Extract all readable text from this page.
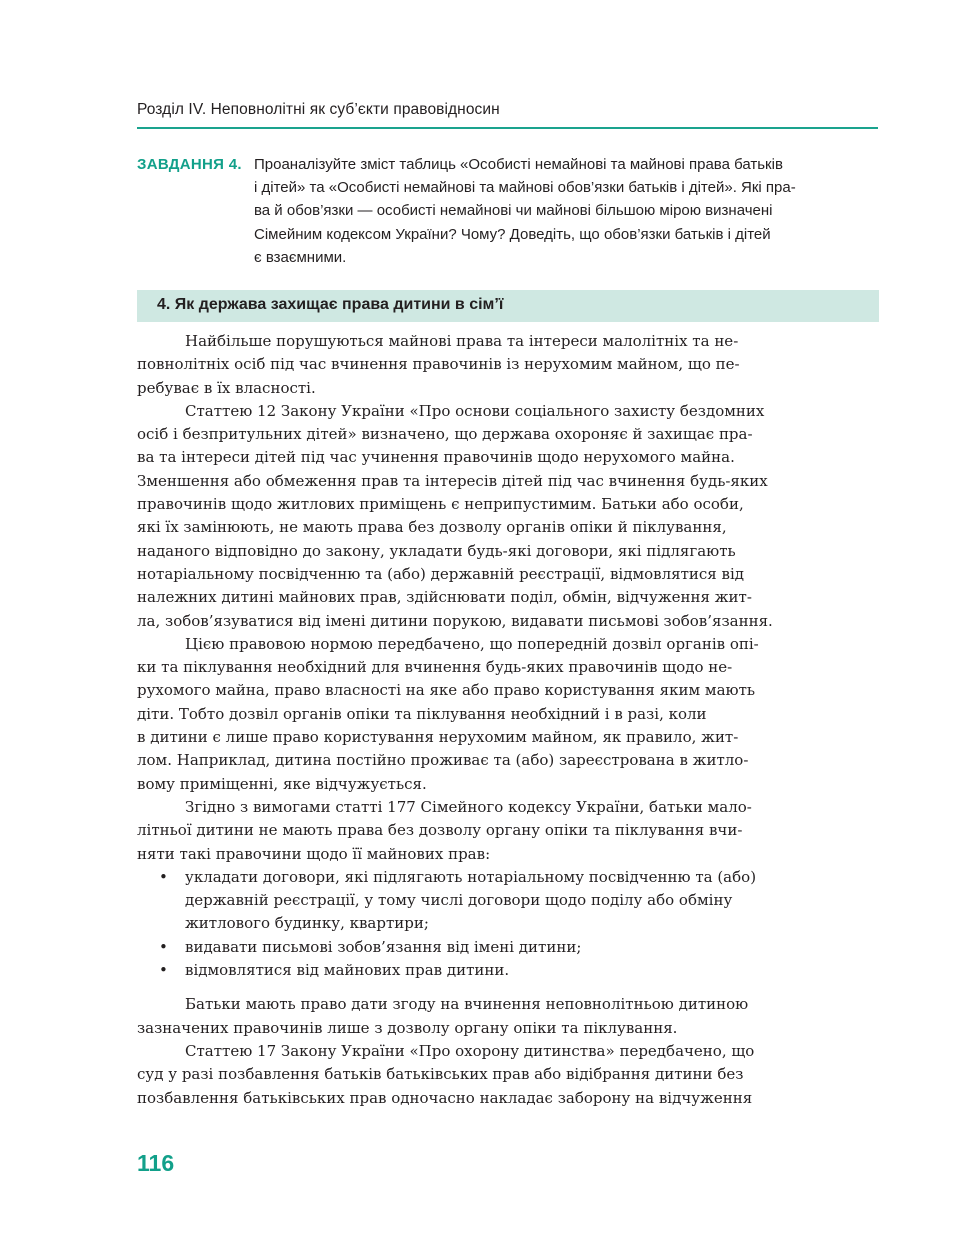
Розділ IV. Неповнолітні як суб’єкти правовідносин
ЗАВДАННЯ 4. Проаналізуйте зміст таблиць «Особисті немайнові та майнові права батьків
і дітей» та «Особисті немайнові та майнові обов’язки батьків і дітей». Які пра-
ва й обов’язки — особисті немайнові чи майнові більшою мірою визначені
Сімейним кодексом України? Чому? Доведіть, що обов’язки батьків і дітей
є взаємними.
4. Як держава захищає права дитини в сім’ї

Найбільше порушуються майнові права та інтереси малолітніх та не-
повнолітніх осіб під час вчинення правочинів із нерухомим майном, що пе-
ребуває в їх власності.

Статтею 12 Закону України «Про основи соціального захисту бездомних
осіб і безпритульних дітей» визначено, що держава охороняє й захищає пра-
ва та інтереси дітей під час учинення правочинів щодо нерухомого майна.
Зменшення або обмеження прав та інтересів дітей під час вчинення будь-яких
правочинів щодо житлових приміщень є неприпустимим. Батьки або особи,
які їх замінюють, не мають права без дозволу органів опіки й піклування,
наданого відповідно до закону, укладати будь-які договори, які підлягають
нотаріальному посвідченню та (або) державній реєстрації, відмовлятися від
належних дитині майнових прав, здійснювати поділ, обмін, відчуження жит-
ла, зобов’язуватися від імені дитини порукою, видавати письмові зобов’язання.

Цією правовою нормою передбачено, що попередній дозвіл органів опі-
ки та піклування необхідний для вчинення будь-яких правочинів щодо не-
рухомого майна, право власності на яке або право користування яким мають
діти. Тобто дозвіл органів опіки та піклування необхідний і в разі, коли
в дитини є лише право користування нерухомим майном, як правило, жит-
лом. Наприклад, дитина постійно проживає та (або) зареєстрована в житло-
вому приміщенні, яке відчужується.

Згідно з вимогами статті 177 Сімейного кодексу України, батьки мало-
літньої дитини не мають права без дозволу органу опіки та піклування вчи-
няти такі правочини щодо її майнових прав:

• укладати договори, які підлягають нотаріальному посвідченню та (або)
державній реєстрації, у тому числі договори щодо поділу або обміну
житлового будинку, квартири;
• видавати письмові зобов’язання від імені дитини;
• відмовлятися від майнових прав дитини.

Батьки мають право дати згоду на вчинення неповнолітньою дитиною
зазначених правочинів лише з дозволу органу опіки та піклування.

Статтею 17 Закону України «Про охорону дитинства» передбачено, що
суд у разі позбавлення батьків батьківських прав або відібрання дитини без
позбавлення батьківських прав одночасно накладає заборону на відчуження

116
